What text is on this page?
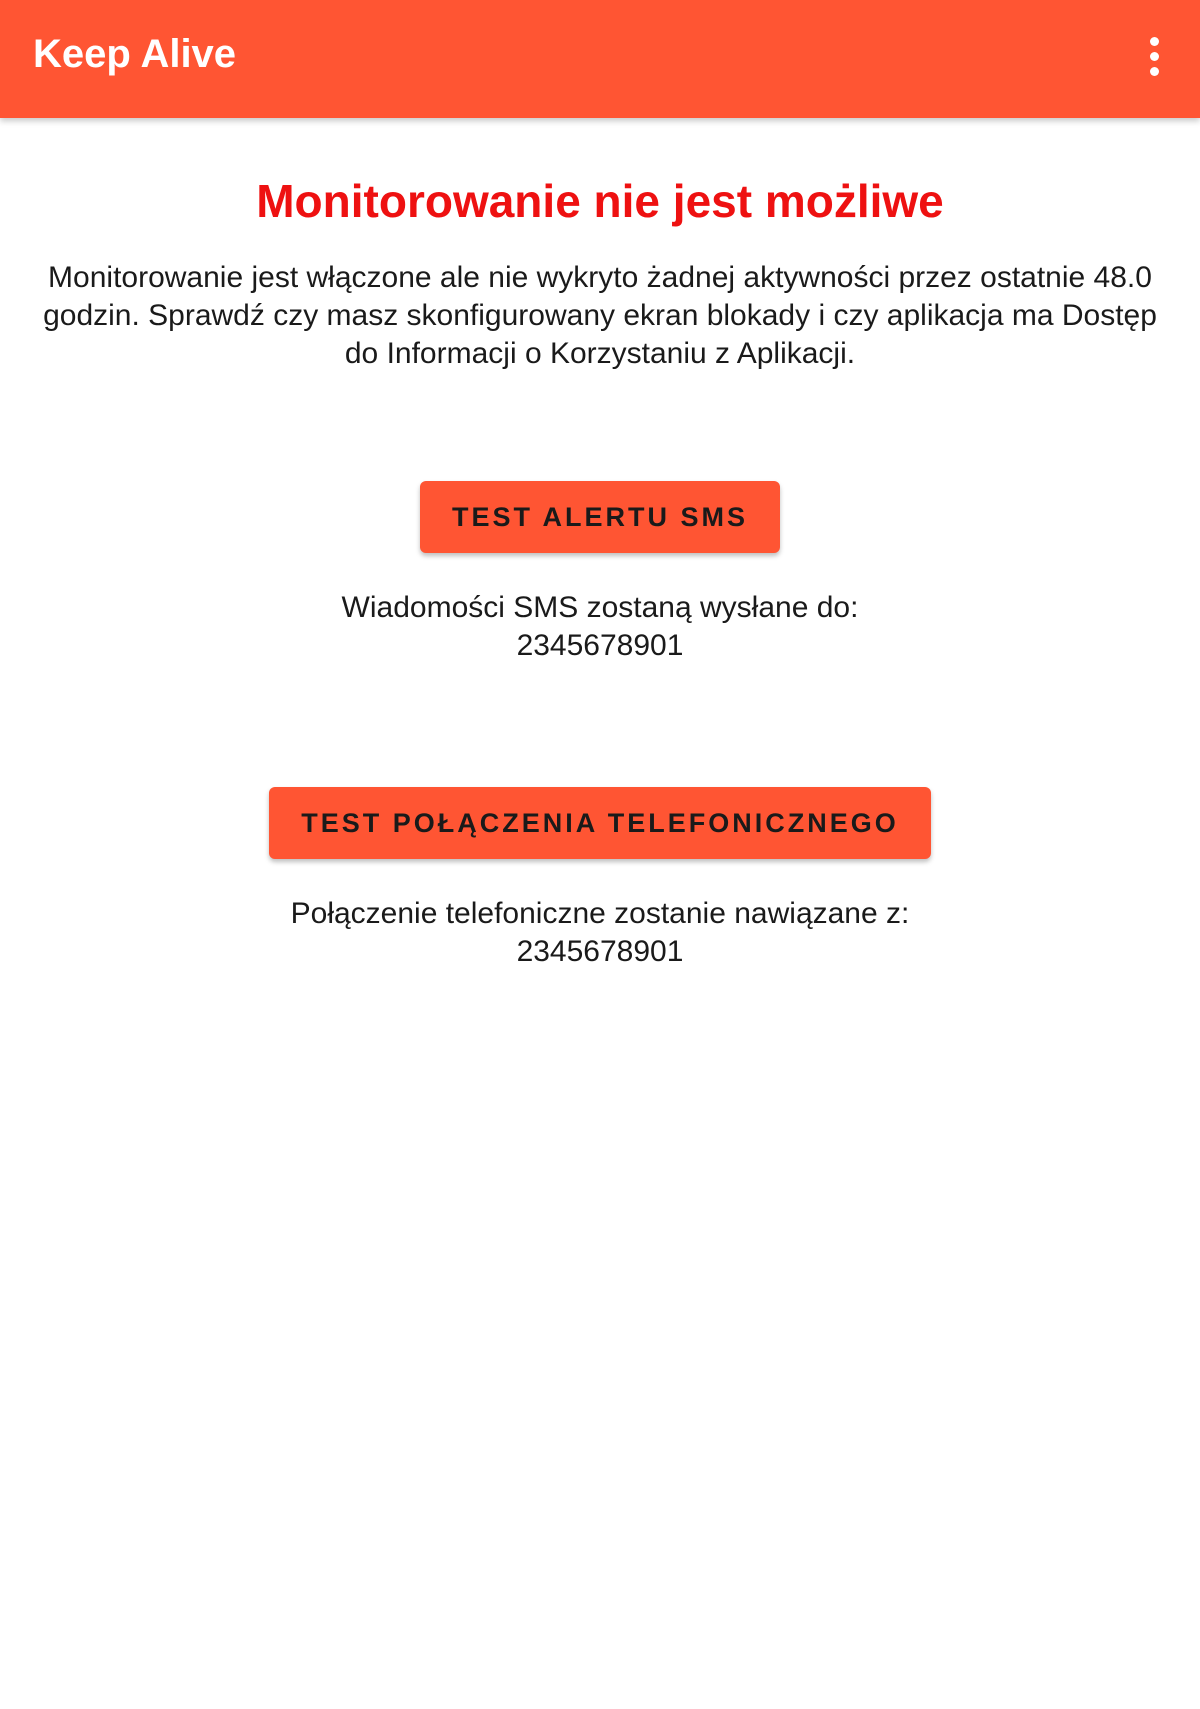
Keep Alive
Monitorowanie nie jest możliwe
Monitorowanie jest włączone ale nie wykryto żadnej aktywności przez ostatnie 48.0 godzin. Sprawdź czy masz skonfigurowany ekran blokady i czy aplikacja ma Dostęp do Informacji o Korzystaniu z Aplikacji.
TEST ALERTU SMS
Wiadomości SMS zostaną wysłane do:
2345678901
TEST POŁĄCZENIA TELEFONICZNEGO
Połączenie telefoniczne zostanie nawiązane z:
2345678901
